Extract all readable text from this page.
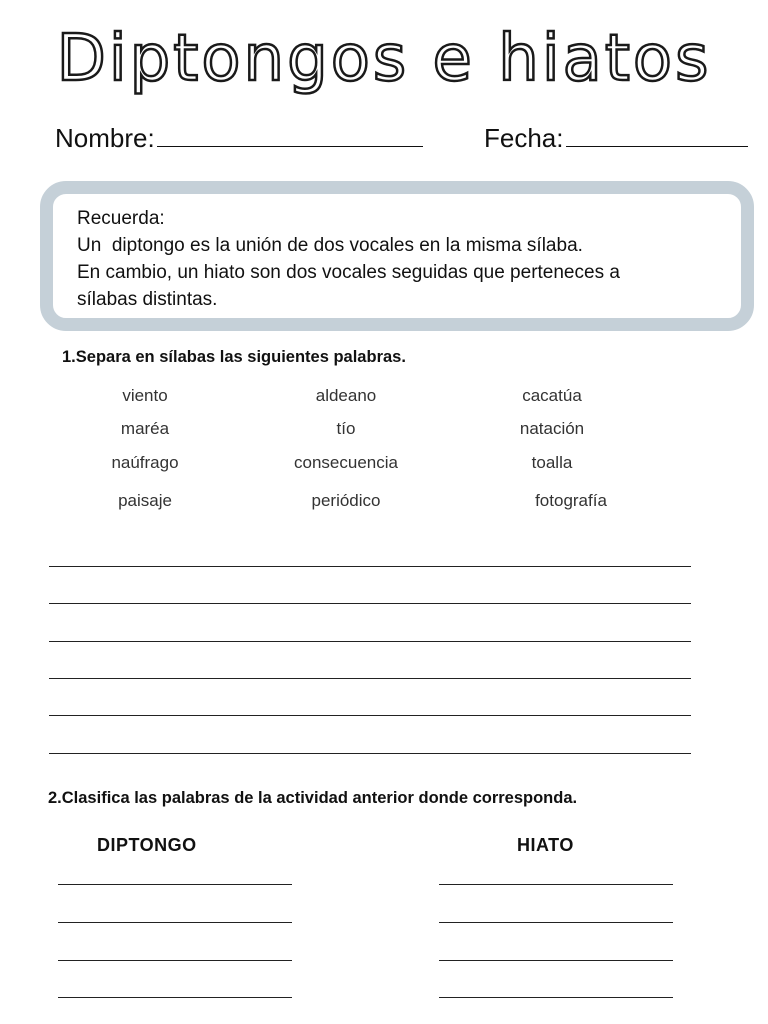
Diptongos e hiatos
Nombre:	Fecha:
Recuerda:
Un  diptongo es la unión de dos vocales en la misma sílaba.
En cambio, un hiato son dos vocales seguidas que perteneces a
sílabas distintas.
1.Separa en sílabas las siguientes palabras.
viento	aldeano	cacatúa
maréa	tío	natación
naúfrago	consecuencia	toalla
paisaje	periódico	fotografía
2.Clasifica las palabras de la actividad anterior donde corresponda.
DIPTONGO	HIATO
